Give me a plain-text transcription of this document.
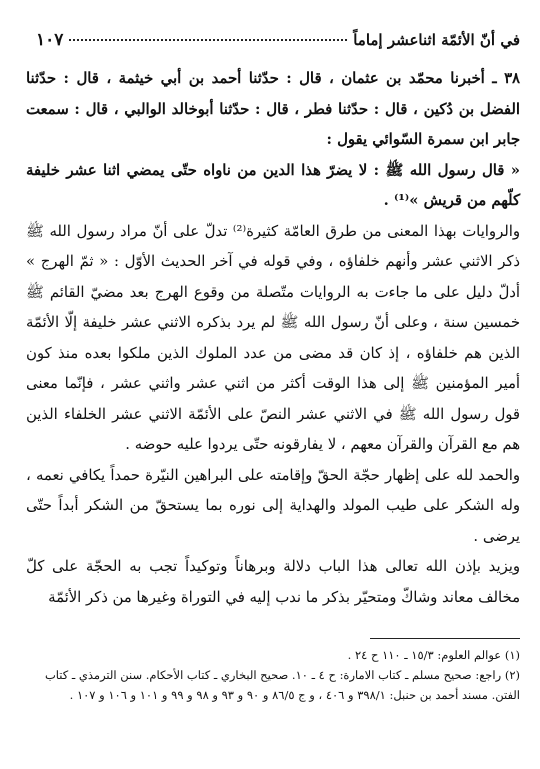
في أنّ الأئمّة اثناعشر إماماً
١٠٧

٣٨ ـ أخبرنا محمّد بن عثمان ، قال : حدّثنا أحمد بن أبي خيثمة ، قال : حدّثنا الفضل بن دُكين ، قال : حدّثنا فطر ، قال : حدّثنا أبوخالد الوالبي ، قال : سمعت جابر ابن سمرة السّوائي يقول :

« قال رسول الله ﷺ : لا يضرّ هذا الدين من ناواه حتّى يمضي اثنا عشر خليفة كلّهم من قريش »⁽¹⁾ .

والروايات بهذا المعنى من طرق العامّة كثيرة⁽²⁾ تدلّ على أنّ مراد رسول الله ﷺ ذكر الاثني عشر وأنهم خلفاؤه ، وفي قوله في آخر الحديث الأوّل : « ثمّ الهرج » أدلّ دليل على ما جاءت به الروايات متّصلة من وقوع الهرج بعد مضيّ القائم ﷺ خمسين سنة ، وعلى أنّ رسول الله ﷺ لم يرد بذكره الاثني عشر خليفة إلّا الأئمّة الذين هم خلفاؤه ، إذ كان قد مضى من عدد الملوك الذين ملكوا بعده منذ كون أمير المؤمنين ﷺ إلى هذا الوقت أكثر من اثني عشر واثني عشر ، فإنّما معنى قول رسول الله ﷺ في الاثني عشر النصّ على الأئمّة الاثني عشر الخلفاء الذين هم مع القرآن والقرآن معهم ، لا يفارقونه حتّى يردوا عليه حوضه .

والحمد لله على إظهار حجّة الحقّ وإقامته على البراهين النيّرة حمداً يكافي نعمه ، وله الشكر على طيب المولد والهداية إلى نوره بما يستحقّ من الشكر أبداً حتّى يرضى .

ويزيد بإذن الله تعالى هذا الباب دلالة وبرهاناً وتوكيداً تجب به الحجّة على كلّ مخالف معاند وشاكّ ومتحيّر بذكر ما ندب إليه في التوراة وغيرها من ذكر الأئمّة

(١) عوالم العلوم: ١٥/٣ ـ ١١٠ ح ٢٤ .

(٢) راجع: صحيح مسلم ـ كتاب الامارة: ح ٤ ـ ١٠. صحيح البخاري ـ كتاب الأحكام. سنن الترمذي ـ كتاب الفتن. مسند أحمد بن حنبل: ٣٩٨/١ و ٤٠٦ ، و ج ٨٦/٥ و ٩٠ و ٩٣ و ٩٨ و ٩٩ و ١٠١ و ١٠٦ و ١٠٧ .
